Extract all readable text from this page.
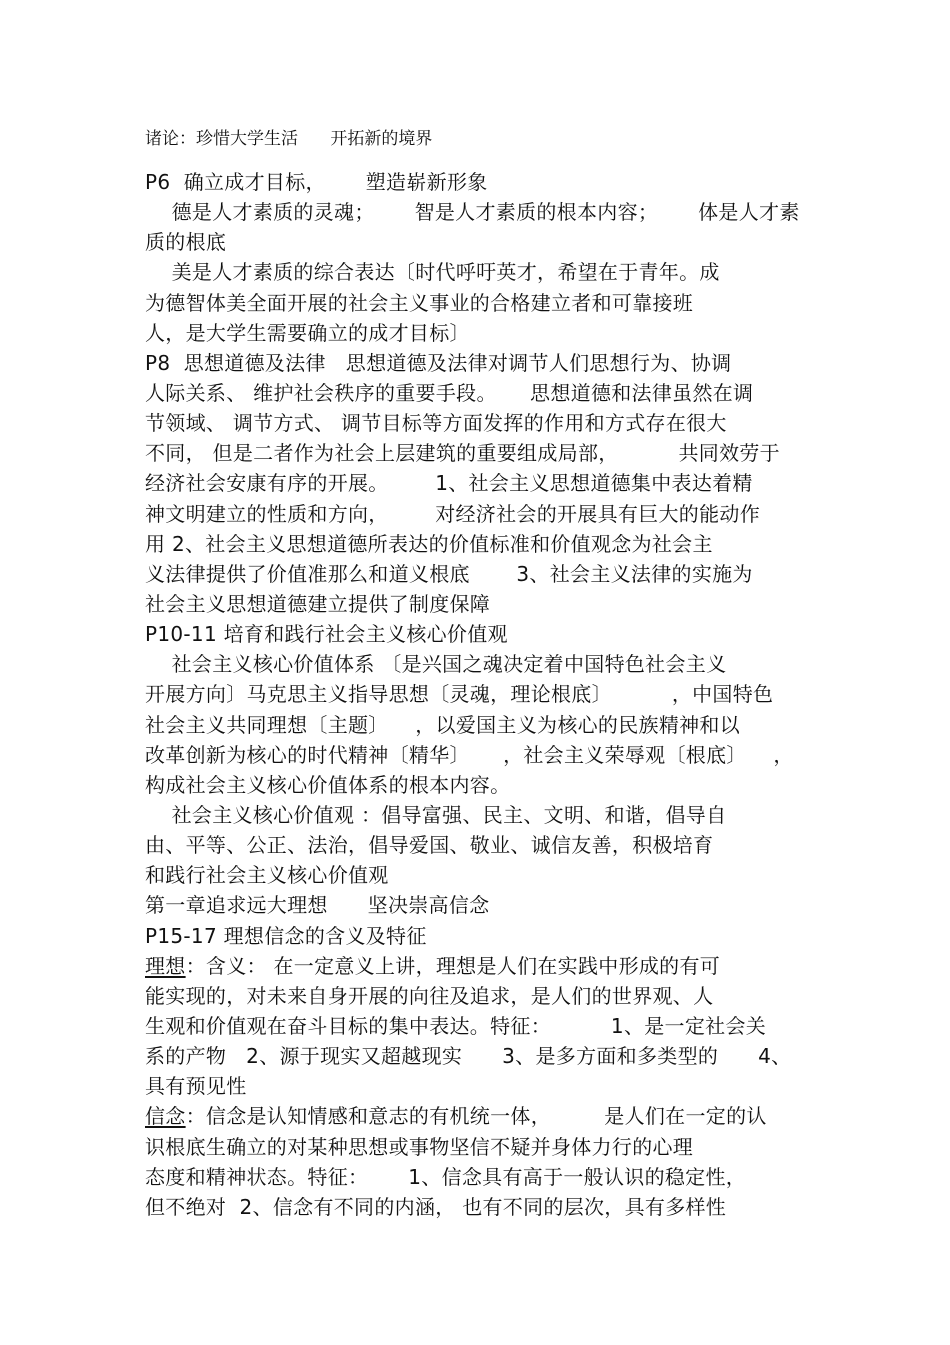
诸论：珍惜大学生活      开拓新的境界
P6  确立成才目标，      塑造崭新形象
德是人才素质的灵魂；      智是人才素质的根本内容；      体是人才素
质的根底
美是人才素质的综合表达〔时代呼吁英才，希望在于青年。成
为德智体美全面开展的社会主义事业的合格建立者和可靠接班
人，是大学生需要确立的成才目标〕
P8  思想道德及法律   思想道德及法律对调节人们思想行为、协调
人际关系、 维护社会秩序的重要手段。     思想道德和法律虽然在调
节领域、 调节方式、 调节目标等方面发挥的作用和方式存在很大
不同， 但是二者作为社会上层建筑的重要组成局部，         共同效劳于
经济社会安康有序的开展。       1、社会主义思想道德集中表达着精
神文明建立的性质和方向，       对经济社会的开展具有巨大的能动作
用 2、社会主义思想道德所表达的价值标准和价值观念为社会主
义法律提供了价值准那么和道义根底       3、社会主义法律的实施为
社会主义思想道德建立提供了制度保障
P10-11 培育和践行社会主义核心价值观
社会主义核心价值体系 〔是兴国之魂决定着中国特色社会主义
开展方向〕马克思主义指导思想〔灵魂，理论根底〕         ，中国特色
社会主义共同理想〔主题〕    ，以爱国主义为核心的民族精神和以
改革创新为核心的时代精神〔精华〕     ，社会主义荣辱观〔根底〕    ，
构成社会主义核心价值体系的根本内容。
社会主义核心价值观 ：倡导富强、民主、文明、和谐，倡导自
由、平等、公正、法治，倡导爱国、敬业、诚信友善，积极培育
和践行社会主义核心价值观
第一章追求远大理想      坚决崇高信念
P15-17 理想信念的含义及特征
理想：含义： 在一定意义上讲，理想是人们在实践中形成的有可
能实现的，对未来自身开展的向往及追求，是人们的世界观、人
生观和价值观在奋斗目标的集中表达。特征：         1、是一定社会关
系的产物   2、源于现实又超越现实      3、是多方面和多类型的      4、
具有预见性
信念：信念是认知情感和意志的有机统一体，        是人们在一定的认
识根底生确立的对某种思想或事物坚信不疑并身体力行的心理
态度和精神状态。特征：      1、信念具有高于一般认识的稳定性，
但不绝对  2、信念有不同的内涵， 也有不同的层次，具有多样性
